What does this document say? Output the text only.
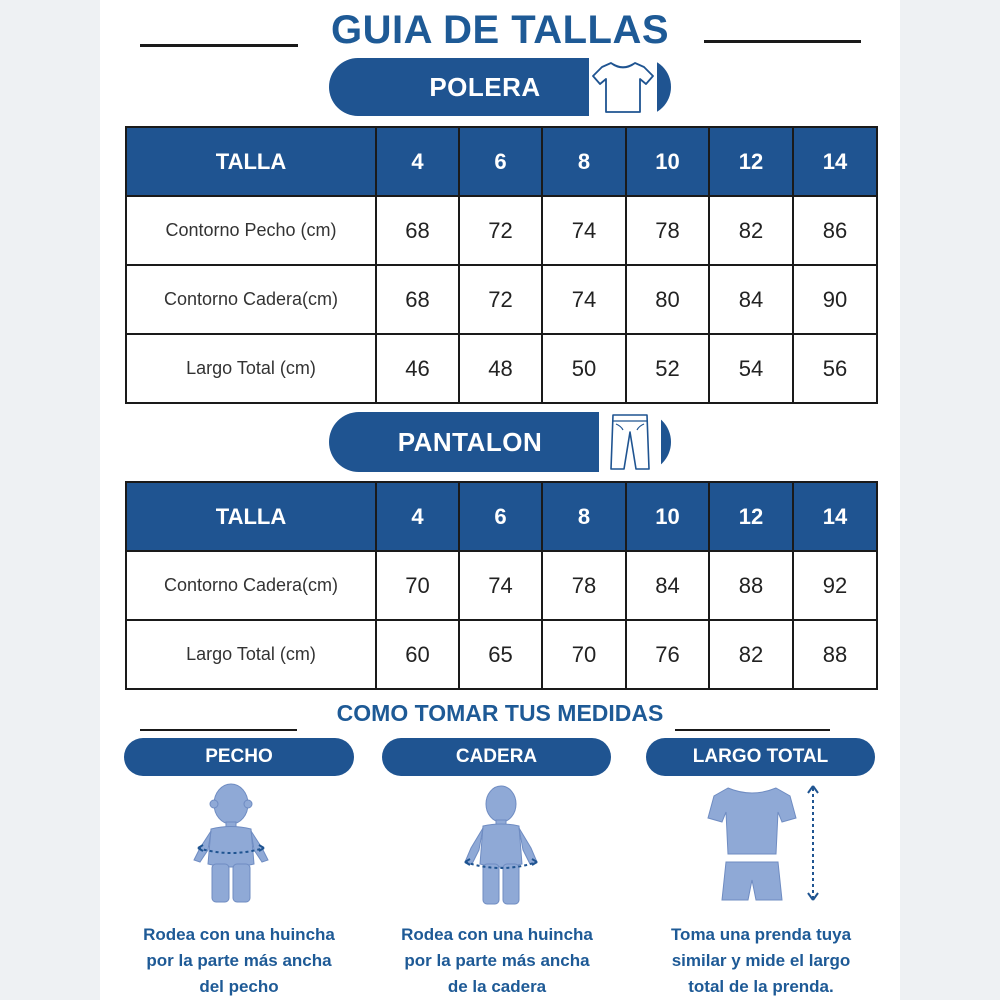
GUIA DE TALLAS
POLERA
TALLA	4	6	8	10	12	14
Contorno Pecho (cm)	68	72	74	78	82	86
Contorno Cadera(cm)	68	72	74	80	84	90
Largo Total (cm)	46	48	50	52	54	56
PANTALON
TALLA	4	6	8	10	12	14
Contorno Cadera(cm)	70	74	78	84	88	92
Largo Total (cm)	60	65	70	76	82	88
COMO TOMAR TUS MEDIDAS
PECHO	CADERA	LARGO TOTAL
Rodea con una huincha
por la parte más ancha
del pecho
Rodea con una huincha
por la parte más ancha
de la cadera
Toma una prenda tuya
similar y mide el largo
total de la prenda.
